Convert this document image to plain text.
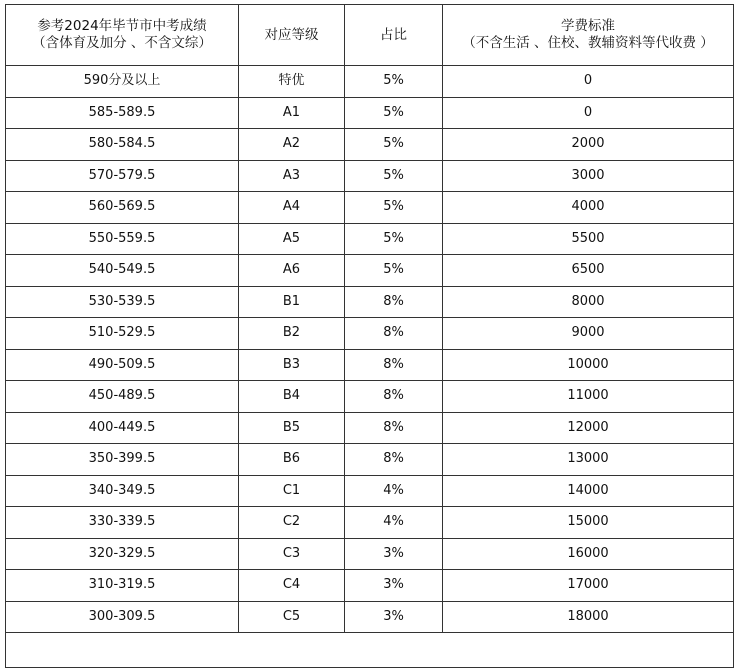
参考2024年毕节市中考成绩
（含体育及加分 、不含文综）	对应等级	占比	学费标准
（不含生活 、住校、教辅资料等代收费 ）

590分及以上	特优	5%	0
585-589.5	A1	5%	0
580-584.5	A2	5%	2000
570-579.5	A3	5%	3000
560-569.5	A4	5%	4000
550-559.5	A5	5%	5500
540-549.5	A6	5%	6500
530-539.5	B1	8%	8000
510-529.5	B2	8%	9000
490-509.5	B3	8%	10000
450-489.5	B4	8%	11000
400-449.5	B5	8%	12000
350-399.5	B6	8%	13000
340-349.5	C1	4%	14000
330-339.5	C2	4%	15000
320-329.5	C3	3%	16000
310-319.5	C4	3%	17000
300-309.5	C5	3%	18000
